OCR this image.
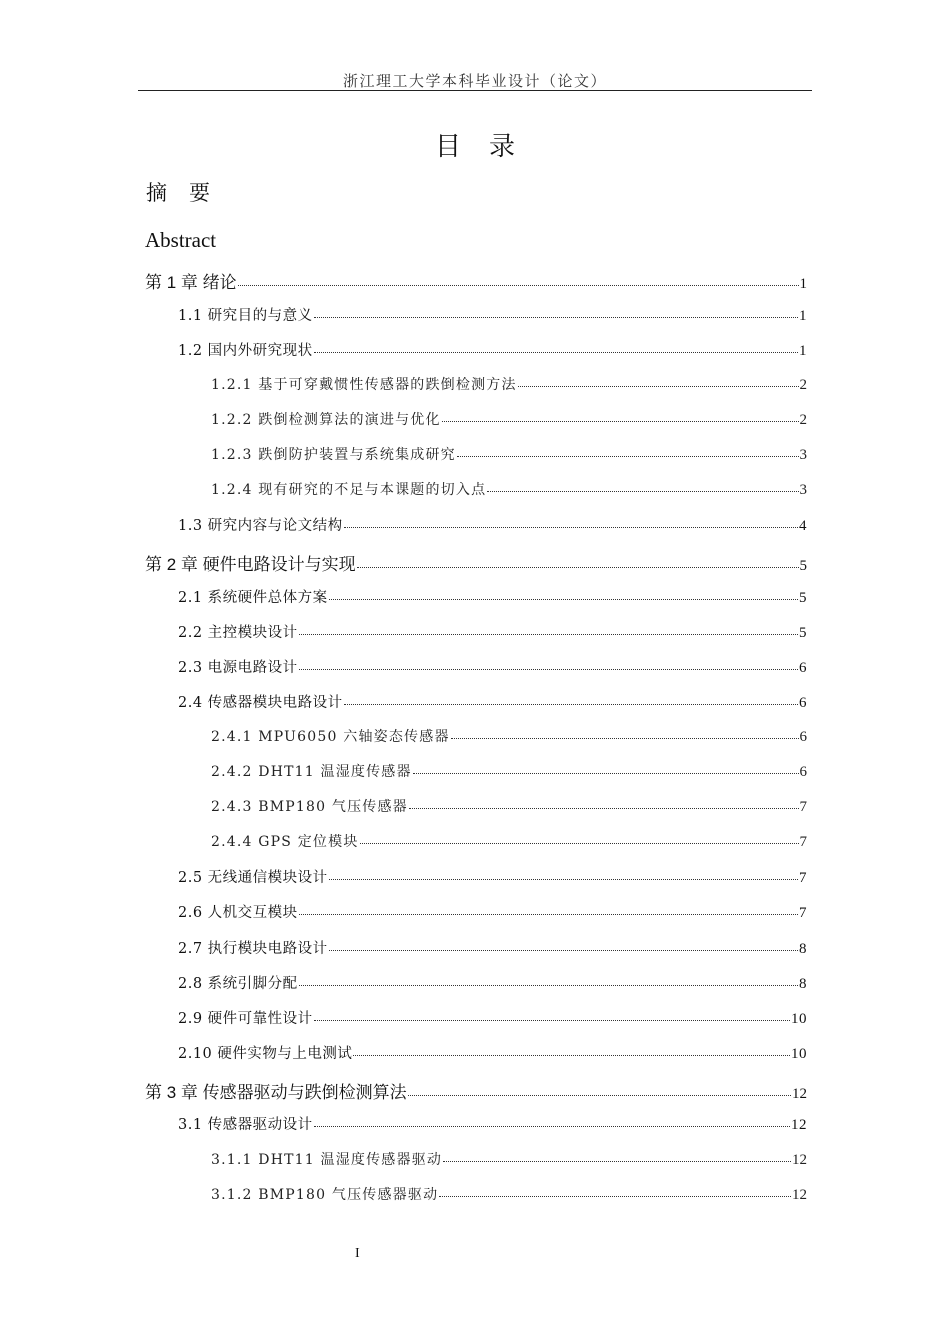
浙江理工大学本科毕业设计（论文）
目录
摘要
Abstract
第 1 章 绪论	1
1.1 研究目的与意义	1
1.2 国内外研究现状	1
1.2.1 基于可穿戴惯性传感器的跌倒检测方法	2
1.2.2 跌倒检测算法的演进与优化	2
1.2.3 跌倒防护装置与系统集成研究	3
1.2.4 现有研究的不足与本课题的切入点	3
1.3 研究内容与论文结构	4
第 2 章 硬件电路设计与实现	5
2.1 系统硬件总体方案	5
2.2 主控模块设计	5
2.3 电源电路设计	6
2.4 传感器模块电路设计	6
2.4.1 MPU6050 六轴姿态传感器	6
2.4.2 DHT11 温湿度传感器	6
2.4.3 BMP180 气压传感器	7
2.4.4 GPS 定位模块	7
2.5 无线通信模块设计	7
2.6 人机交互模块	7
2.7 执行模块电路设计	8
2.8 系统引脚分配	8
2.9 硬件可靠性设计	10
2.10 硬件实物与上电测试	10
第 3 章 传感器驱动与跌倒检测算法	12
3.1 传感器驱动设计	12
3.1.1 DHT11 温湿度传感器驱动	12
3.1.2 BMP180 气压传感器驱动	12
I
